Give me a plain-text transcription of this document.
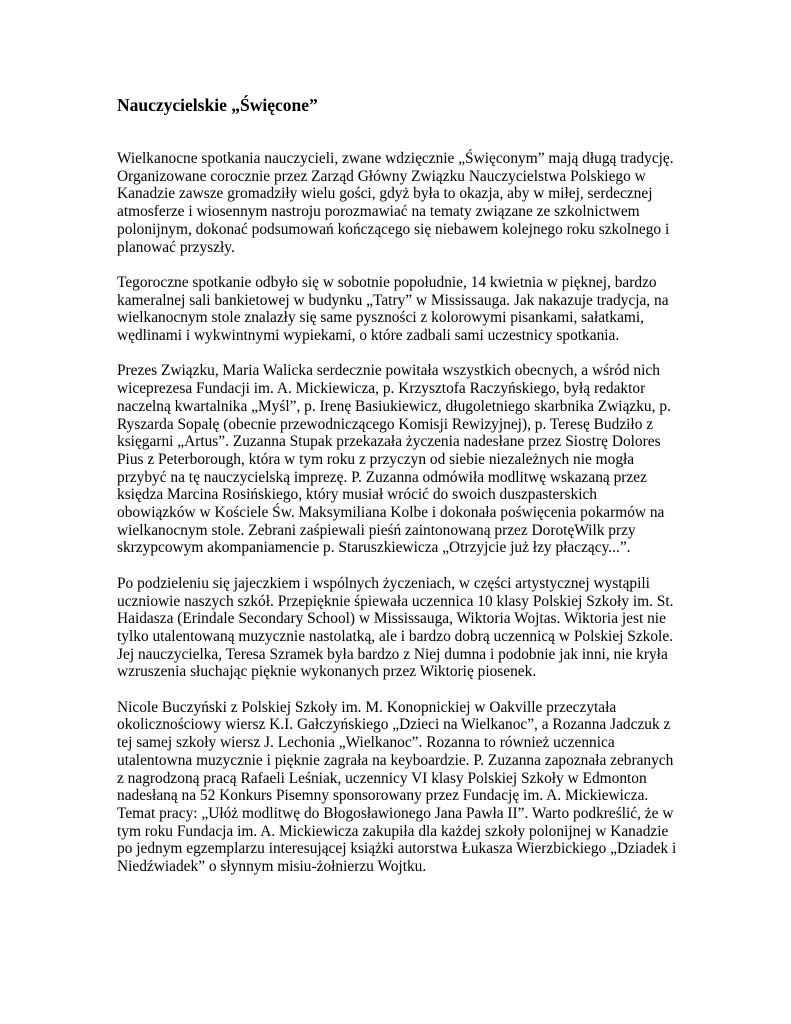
Nauczycielskie „Święcone”

Wielkanocne spotkania nauczycieli, zwane wdzięcznie „Święconym” mają długą tradycję. Organizowane corocznie przez Zarząd Główny Związku Nauczycielstwa Polskiego w Kanadzie zawsze gromadziły wielu gości, gdyż była to okazja, aby w miłej, serdecznej atmosferze i wiosennym nastroju porozmawiać na tematy związane ze szkolnictwem polonijnym, dokonać podsumowań kończącego się niebawem kolejnego roku szkolnego i planować przyszły.

Tegoroczne spotkanie odbyło się w sobotnie popołudnie, 14 kwietnia w pięknej, bardzo kameralnej sali bankietowej w budynku „Tatry” w Mississauga. Jak nakazuje tradycja, na wielkanocnym stole znalazły się same pyszności z kolorowymi pisankami, sałatkami, wędlinami i wykwintnymi wypiekami, o które zadbali sami uczestnicy spotkania.

Prezes Związku, Maria Walicka serdecznie powitała wszystkich obecnych, a wśród nich wiceprezesa Fundacji im. A. Mickiewicza, p. Krzysztofa Raczyńskiego, byłą redaktor naczelną kwartalnika „Myśl”, p. Irenę Basiukiewicz, długoletniego skarbnika Związku, p. Ryszarda Sopalę (obecnie przewodniczącego Komisji Rewizyjnej), p. Teresę Budziło z księgarni „Artus”. Zuzanna Stupak przekazała życzenia nadesłane przez Siostrę Dolores Pius z Peterborough, która w tym roku z przyczyn od siebie niezależnych nie mogła przybyć na tę nauczycielską imprezę. P. Zuzanna odmówiła modlitwę wskazaną przez księdza Marcina Rosińskiego, który musiał wrócić do swoich duszpasterskich obowiązków w Kościele Św. Maksymiliana Kolbe i dokonała poświęcenia pokarmów na wielkanocnym stole. Zebrani zaśpiewali pieśń zaintonowaną przez DorotęWilk przy skrzypcowym akompaniamencie p. Staruszkiewicza „Otrzyjcie już łzy płaczący...”.

Po podzieleniu się jajeczkiem i wspólnych życzeniach, w części artystycznej wystąpili uczniowie naszych szkół. Przepięknie śpiewała uczennica 10 klasy Polskiej Szkoły im. St. Haidasza (Erindale Secondary School) w Mississauga, Wiktoria Wojtas. Wiktoria jest nie tylko utalentowaną muzycznie nastolatką, ale i bardzo dobrą uczennicą w Polskiej Szkole. Jej nauczycielka, Teresa Szramek była bardzo z Niej dumna i podobnie jak inni, nie kryła wzruszenia słuchając pięknie wykonanych przez Wiktorię piosenek.

Nicole Buczyński z Polskiej Szkoły im. M. Konopnickiej w Oakville przeczytała okolicznościowy wiersz K.I. Gałczyńskiego „Dzieci na Wielkanoc”, a Rozanna Jadczuk z tej samej szkoły wiersz J. Lechonia „Wielkanoc”. Rozanna to również uczennica utalentowna muzycznie i pięknie zagrała na keyboardzie. P. Zuzanna zapoznała zebranych z nagrodzoną pracą Rafaeli Leśniak, uczennicy VI klasy Polskiej Szkoły w Edmonton nadesłaną na 52 Konkurs Pisemny sponsorowany przez Fundację im. A. Mickiewicza. Temat pracy: „Ułóż modlitwę do Błogosławionego Jana Pawła II”. Warto podkreślić, że w tym roku Fundacja im. A. Mickiewicza zakupiła dla każdej szkoły polonijnej w Kanadzie po jednym egzemplarzu interesującej książki autorstwa Łukasza Wierzbickiego „Dziadek i Niedźwiadek” o słynnym misiu-żołnierzu Wojtku.
